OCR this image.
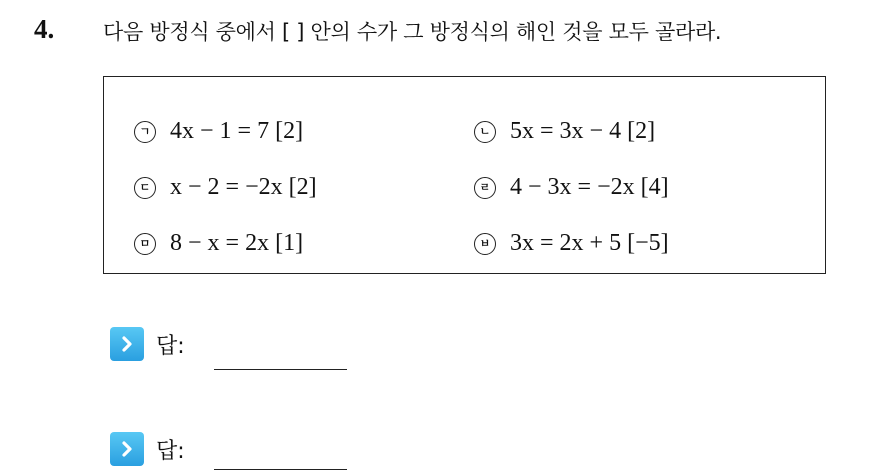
4. 다음 방정식 중에서 [ ] 안의 수가 그 방정식의 해인 것을 모두 골라라.
ㄱ 4x − 1 = 7 [2]	ㄴ 5x = 3x − 4 [2]
ㄷ x − 2 = −2x [2]	ㄹ 4 − 3x = −2x [4]
ㅁ 8 − x = 2x [1]	ㅂ 3x = 2x + 5 [−5]
답:
답:
